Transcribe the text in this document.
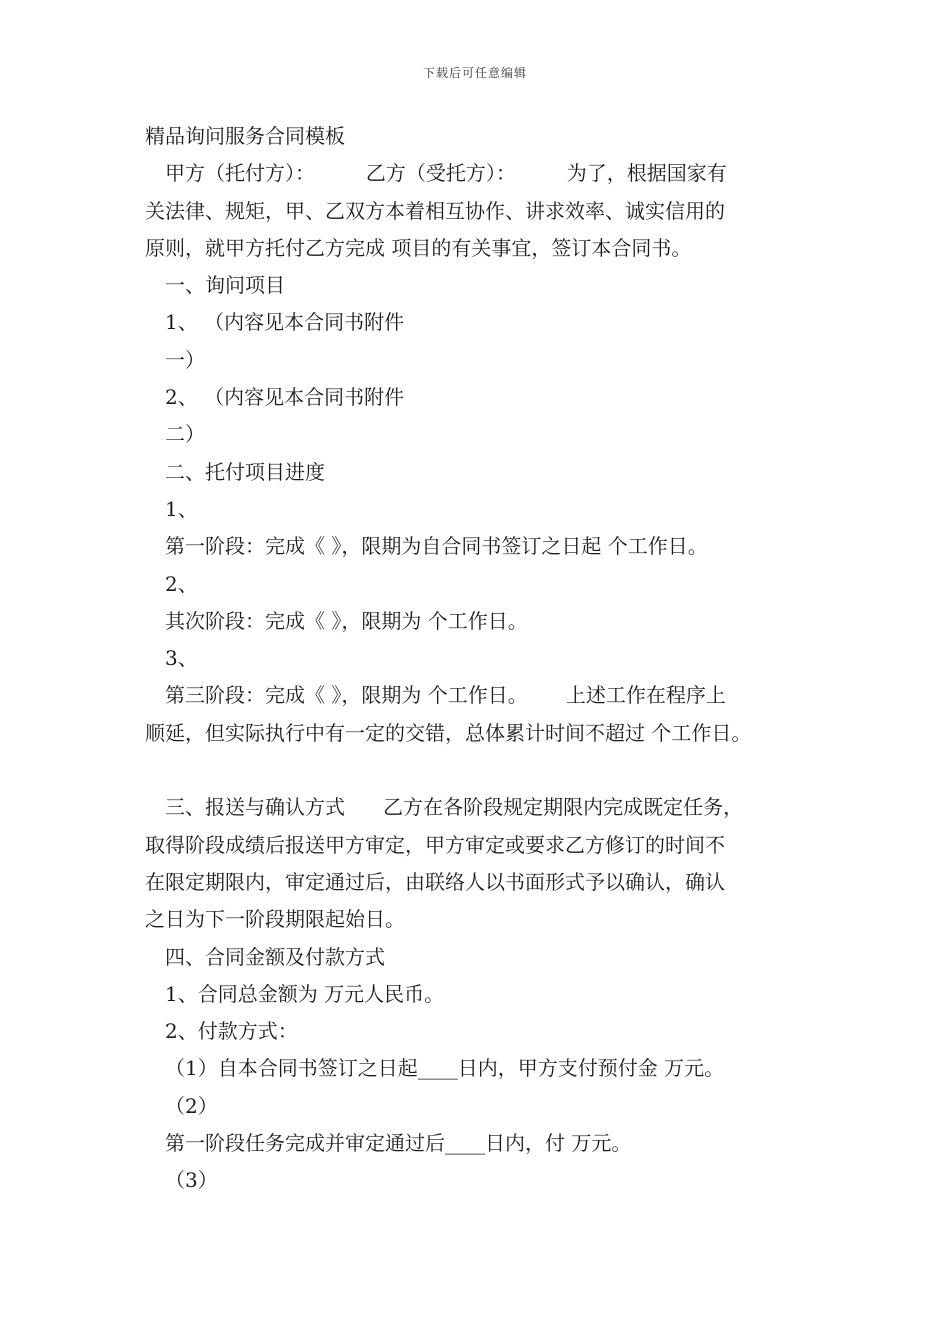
下载后可任意编辑

精品询问服务合同模板

甲方（托付方）：        乙方（受托方）：        为了，根据国家有

关法律、规矩，甲、乙双方本着相互协作、讲求效率、诚实信用的

原则，就甲方托付乙方完成 项目的有关事宜，签订本合同书。

一、询问项目

1、 （内容见本合同书附件

一）

2、 （内容见本合同书附件

二）

二、托付项目进度

1、

第一阶段：完成《 》，限期为自合同书签订之日起 个工作日。

2、

其次阶段：完成《 》，限期为 个工作日。

3、

第三阶段：完成《 》，限期为 个工作日。      上述工作在程序上

顺延，但实际执行中有一定的交错，总体累计时间不超过 个工作日。

三、报送与确认方式      乙方在各阶段规定期限内完成既定任务，

取得阶段成绩后报送甲方审定，甲方审定或要求乙方修订的时间不

在限定期限内，审定通过后，由联络人以书面形式予以确认，确认

之日为下一阶段期限起始日。

四、合同金额及付款方式

1、合同总金额为 万元人民币。

2、付款方式：

（1）自本合同书签订之日起____日内，甲方支付预付金 万元。

（2）

第一阶段任务完成并审定通过后____日内，付 万元。

（3）
